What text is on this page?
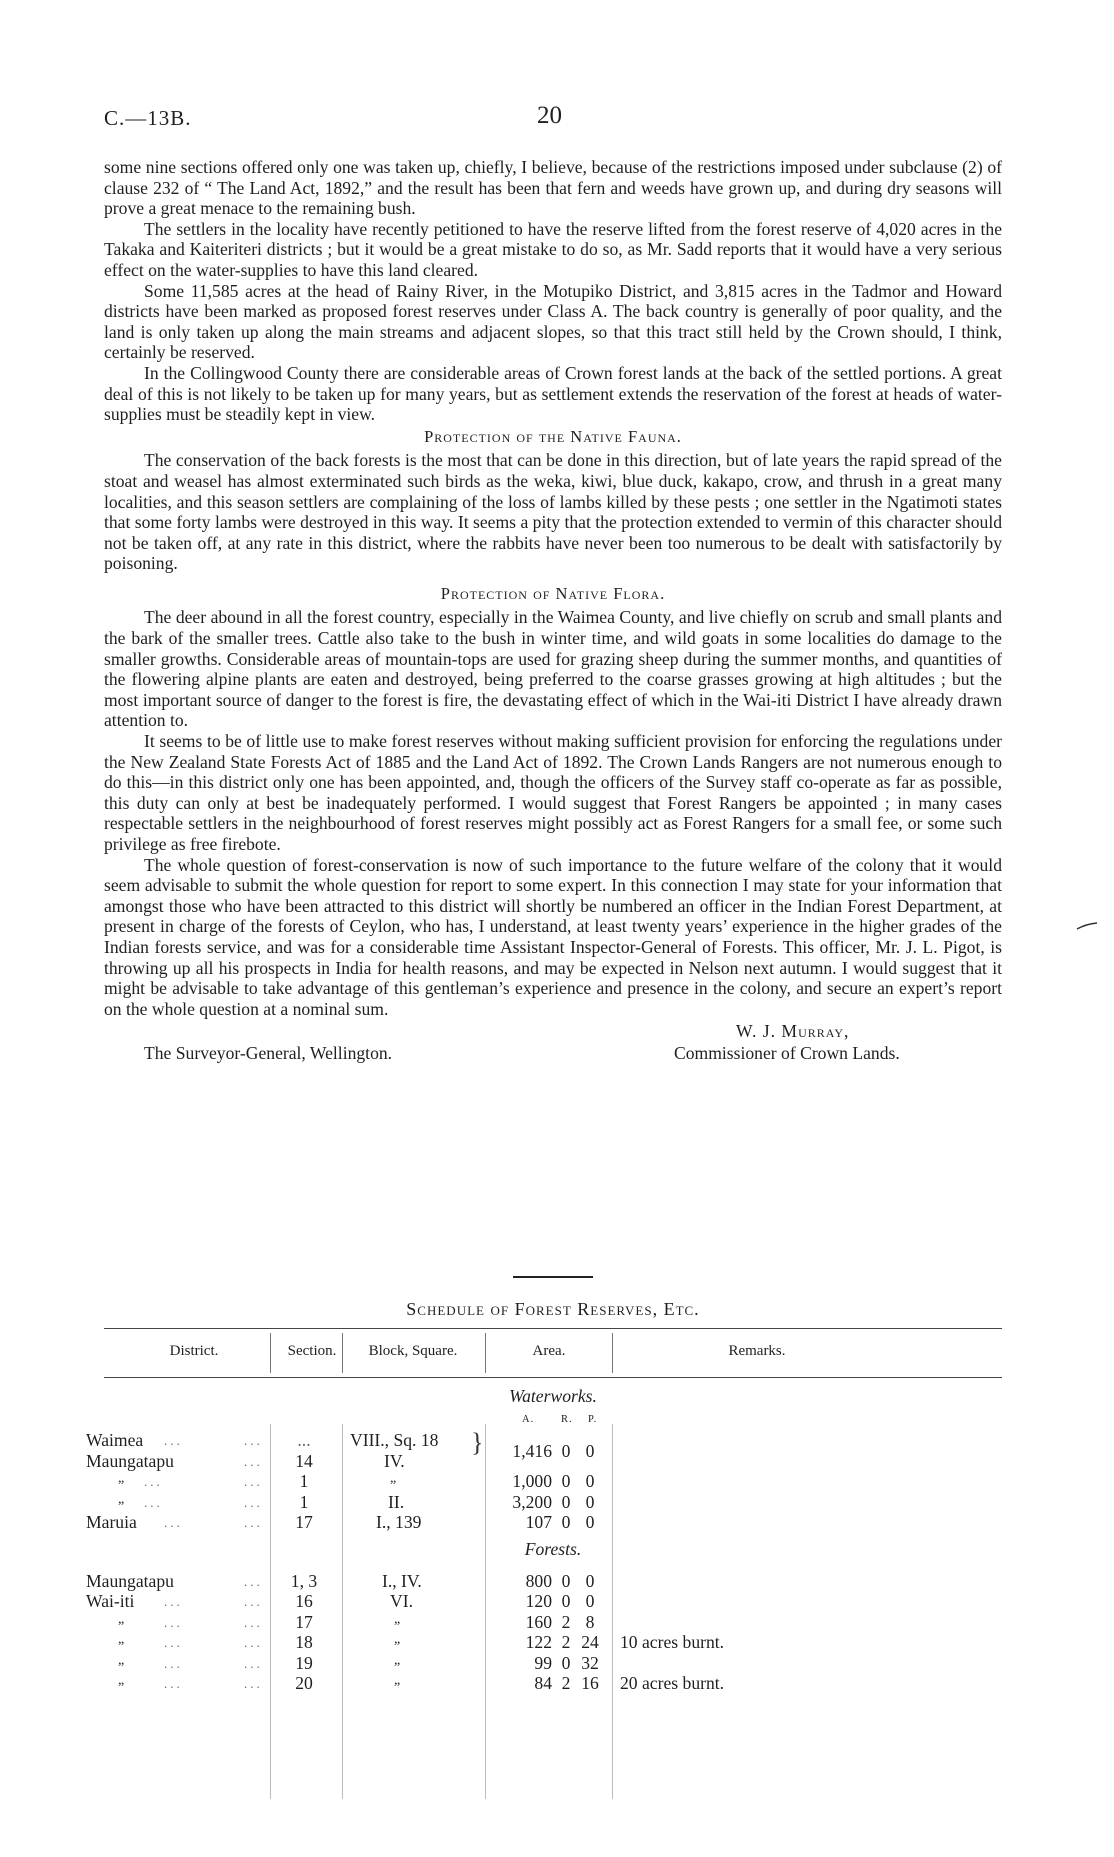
C.—13B.	20

some nine sections offered only one was taken up, chiefly, I believe, because of the restrictions imposed under subclause (2) of clause 232 of “ The Land Act, 1892,” and the result has been that fern and weeds have grown up, and during dry seasons will prove a great menace to the remaining bush.

The settlers in the locality have recently petitioned to have the reserve lifted from the forest reserve of 4,020 acres in the Takaka and Kaiteriteri districts ; but it would be a great mistake to do so, as Mr. Sadd reports that it would have a very serious effect on the water-supplies to have this land cleared.

Some 11,585 acres at the head of Rainy River, in the Motupiko District, and 3,815 acres in the Tadmor and Howard districts have been marked as proposed forest reserves under Class A. The back country is generally of poor quality, and the land is only taken up along the main streams and adjacent slopes, so that this tract still held by the Crown should, I think, certainly be reserved.

In the Collingwood County there are considerable areas of Crown forest lands at the back of the settled portions. A great deal of this is not likely to be taken up for many years, but as settlement extends the reservation of the forest at heads of water-supplies must be steadily kept in view.

Protection of the Native Fauna.

The conservation of the back forests is the most that can be done in this direction, but of late years the rapid spread of the stoat and weasel has almost exterminated such birds as the weka, kiwi, blue duck, kakapo, crow, and thrush in a great many localities, and this season settlers are complaining of the loss of lambs killed by these pests ; one settler in the Ngatimoti states that some forty lambs were destroyed in this way. It seems a pity that the protection extended to vermin of this character should not be taken off, at any rate in this district, where the rabbits have never been too numerous to be dealt with satisfactorily by poisoning.

Protection of Native Flora.

The deer abound in all the forest country, especially in the Waimea County, and live chiefly on scrub and small plants and the bark of the smaller trees. Cattle also take to the bush in winter time, and wild goats in some localities do damage to the smaller growths. Considerable areas of mountain-tops are used for grazing sheep during the summer months, and quantities of the flowering alpine plants are eaten and destroyed, being preferred to the coarse grasses growing at high altitudes ; but the most important source of danger to the forest is fire, the devastating effect of which in the Wai-iti District I have already drawn attention to.

It seems to be of little use to make forest reserves without making sufficient provision for enforcing the regulations under the New Zealand State Forests Act of 1885 and the Land Act of 1892. The Crown Lands Rangers are not numerous enough to do this—in this district only one has been appointed, and, though the officers of the Survey staff co-operate as far as possible, this duty can only at best be inadequately performed. I would suggest that Forest Rangers be appointed ; in many cases respectable settlers in the neighbourhood of forest reserves might possibly act as Forest Rangers for a small fee, or some such privilege as free firebote.

The whole question of forest-conservation is now of such importance to the future welfare of the colony that it would seem advisable to submit the whole question for report to some expert. In this connection I may state for your information that amongst those who have been attracted to this district will shortly be numbered an officer in the Indian Forest Department, at present in charge of the forests of Ceylon, who has, I understand, at least twenty years’ experience in the higher grades of the Indian forests service, and was for a considerable time Assistant Inspector-General of Forests. This officer, Mr. J. L. Pigot, is throwing up all his prospects in India for health reasons, and may be expected in Nelson next autumn. I would suggest that it might be advisable to take advantage of this gentleman’s experience and presence in the colony, and secure an expert’s report on the whole question at a nominal sum.

W. J. Murray,
The Surveyor-General, Wellington.	Commissioner of Crown Lands.
Schedule of Forest Reserves, Etc.
District.	Section.	Block, Square.	Area.	Remarks.
Waterworks.
A.	R. P.
Waimea ...	...	...	VIII., Sq. 18 }
Maungatapu	...	14	IV.	1,416 0 0
„ ...	...	1	„	1,000 0 0
„ ...	...	1	II.	3,200 0 0
Maruia ...	...	17	I., 139	107 0 0
Forests.
Maungatapu	...	1, 3	I., IV.	800 0 0
Wai-iti ...	...	16	VI.	120 0 0
„	...	...	17	„	160 2 8
„	...	...	18	„	122 2 24 10 acres burnt.
„	...	...	19	„	99 0 32
„	...	...	20	„	84 2 16 20 acres burnt.
